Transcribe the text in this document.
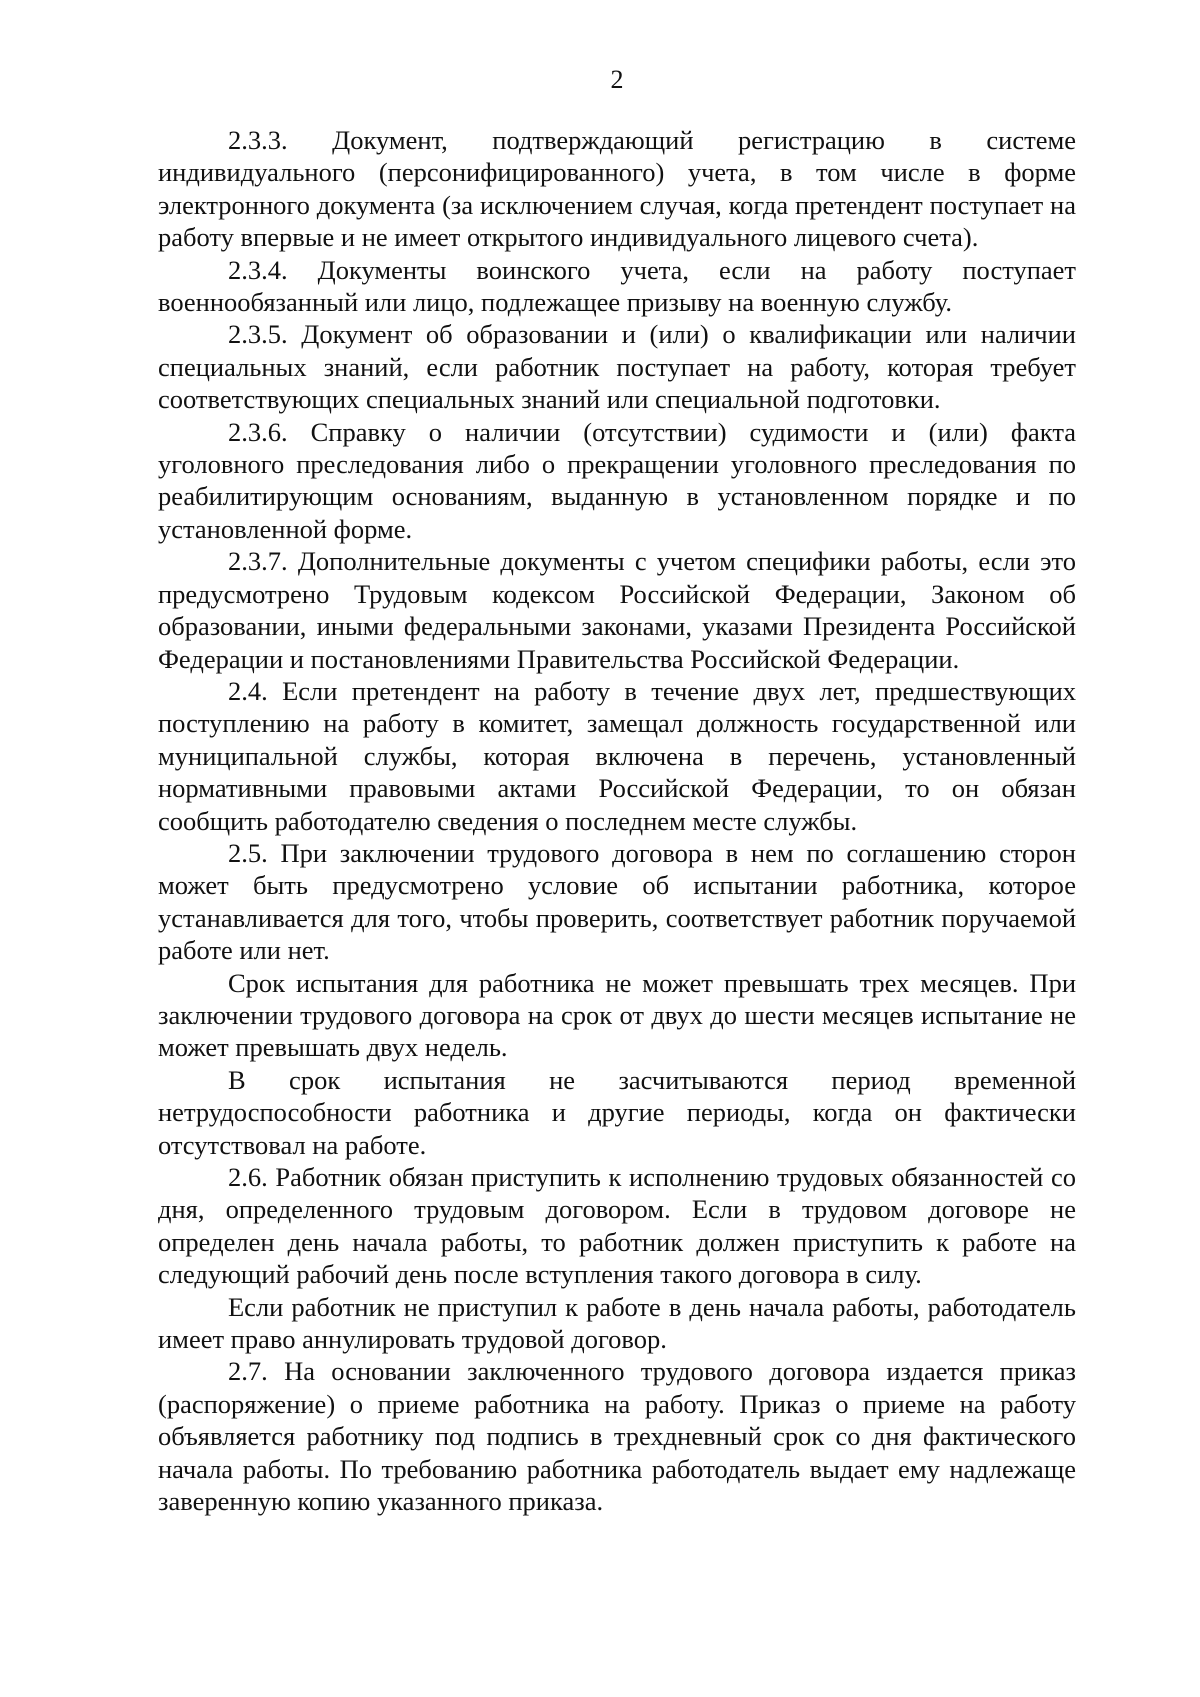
2

2.3.3. Документ, подтверждающий регистрацию в системе индивидуального (персонифицированного) учета, в том числе в форме электронного документа (за исключением случая, когда претендент поступает на работу впервые и не имеет открытого индивидуального лицевого счета).

2.3.4. Документы воинского учета, если на работу поступает военнообязанный или лицо, подлежащее призыву на военную службу.

2.3.5. Документ об образовании и (или) о квалификации или наличии специальных знаний, если работник поступает на работу, которая требует соответствующих специальных знаний или специальной подготовки.

2.3.6. Справку о наличии (отсутствии) судимости и (или) факта уголовного преследования либо о прекращении уголовного преследования по реабилитирующим основаниям, выданную в установленном порядке и по установленной форме.

2.3.7. Дополнительные документы с учетом специфики работы, если это предусмотрено Трудовым кодексом Российской Федерации, Законом об образовании, иными федеральными законами, указами Президента Российской Федерации и постановлениями Правительства Российской Федерации.

2.4. Если претендент на работу в течение двух лет, предшествующих поступлению на работу в комитет, замещал должность государственной или муниципальной службы, которая включена в перечень, установленный нормативными правовыми актами Российской Федерации, то он обязан сообщить работодателю сведения о последнем месте службы.

2.5. При заключении трудового договора в нем по соглашению сторон может быть предусмотрено условие об испытании работника, которое устанавливается для того, чтобы проверить, соответствует работник поручаемой работе или нет.

Срок испытания для работника не может превышать трех месяцев. При заключении трудового договора на срок от двух до шести месяцев испытание не может превышать двух недель.

В срок испытания не засчитываются период временной нетрудоспособности работника и другие периоды, когда он фактически отсутствовал на работе.

2.6. Работник обязан приступить к исполнению трудовых обязанностей со дня, определенного трудовым договором. Если в трудовом договоре не определен день начала работы, то работник должен приступить к работе на следующий рабочий день после вступления такого договора в силу.

Если работник не приступил к работе в день начала работы, работодатель имеет право аннулировать трудовой договор.

2.7. На основании заключенного трудового договора издается приказ (распоряжение) о приеме работника на работу. Приказ о приеме на работу объявляется работнику под подпись в трехдневный срок со дня фактического начала работы. По требованию работника работодатель выдает ему надлежаще заверенную копию указанного приказа.
